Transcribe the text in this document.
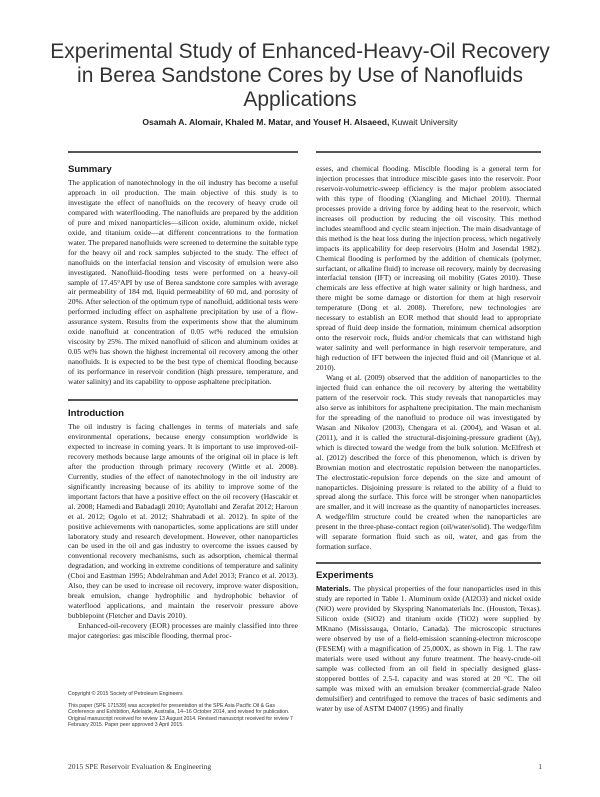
Experimental Study of Enhanced-Heavy-Oil Recovery in Berea Sandstone Cores by Use of Nanofluids Applications
Osamah A. Alomair, Khaled M. Matar, and Yousef H. Alsaeed, Kuwait University
Summary

The application of nanotechnology in the oil industry has become a useful approach in oil production. The main objective of this study is to investigate the effect of nanofluids on the recovery of heavy crude oil compared with waterflooding. The nanofluids are prepared by the addition of pure and mixed nanoparticles—silicon oxide, aluminum oxide, nickel oxide, and titanium oxide—at different concentrations to the formation water. The prepared nanofluids were screened to determine the suitable type for the heavy oil and rock samples subjected to the study. The effect of nanofluids on the interfacial tension and viscosity of emulsion were also investigated. Nanofluid-flooding tests were performed on a heavy-oil sample of 17.45°API by use of Berea sandstone core samples with average air permeability of 184 md, liquid permeability of 60 md, and porosity of 20%. After selection of the optimum type of nanofluid, additional tests were performed including effect on asphaltene precipitation by use of a flow-assurance system. Results from the experiments show that the aluminum oxide nanofluid at concentration of 0.05 wt% reduced the emulsion viscosity by 25%. The mixed nanofluid of silicon and aluminum oxides at 0.05 wt% has shown the highest incremental oil recovery among the other nanofluids. It is expected to be the best type of chemical flooding because of its performance in reservoir condition (high pressure, temperature, and water salinity) and its capability to oppose asphaltene precipitation.

Introduction

The oil industry is facing challenges in terms of materials and safe environmental operations, because energy consumption worldwide is expected to increase in coming years. It is important to use improved-oil-recovery methods because large amounts of the original oil in place is left after the production through primary recovery (Wittle et al. 2008). Currently, studies of the effect of nanotechnology in the oil industry are significantly increasing because of its ability to improve some of the important factors that have a positive effect on the oil recovery (Hascakir et al. 2008; Hamedi and Babadagli 2010; Ayatollahi and Zerafat 2012; Haroun et al. 2012; Ogolo et al. 2012; Shahrabadi et al. 2012). In spite of the positive achievements with nanoparticles, some applications are still under laboratory study and research development. However, other nanoparticles can be used in the oil and gas industry to overcome the issues caused by conventional recovery mechanisms, such as adsorption, chemical thermal degradation, and working in extreme conditions of temperature and salinity (Choi and Eastman 1995; Abdelrahman and Adel 2013; Franco et al. 2013). Also, they can be used to increase oil recovery, improve water disposition, break emulsion, change hydrophilic and hydrophobic behavior of waterflood applications, and maintain the reservoir pressure above bubblepoint (Fletcher and Davis 2010).

Enhanced-oil-recovery (EOR) processes are mainly classified into three major categories: gas miscible flooding, thermal proc-

Copyright © 2015 Society of Petroleum Engineers

This paper (SPE 171539) was accepted for presentation at the SPE Asia Pacific Oil & Gas Conference and Exhibition, Adelaide, Australia, 14–16 October 2014, and revised for publication. Original manuscript received for review 13 August 2014. Revised manuscript received for review 7 February 2015. Paper peer approved 3 April 2015.

esses, and chemical flooding. Miscible flooding is a general term for injection processes that introduce miscible gases into the reservoir. Poor reservoir-volumetric-sweep efficiency is the major problem associated with this type of flooding (Xiangling and Michael 2010). Thermal processes provide a driving force by adding heat to the reservoir, which increases oil production by reducing the oil viscosity. This method includes steamflood and cyclic steam injection. The main disadvantage of this method is the heat loss during the injection process, which negatively impacts its applicability for deep reservoirs (Holm and Josendal 1982). Chemical flooding is performed by the addition of chemicals (polymer, surfactant, or alkaline fluid) to increase oil recovery, mainly by decreasing interfacial tension (IFT) or increasing oil mobility (Gates 2010). These chemicals are less effective at high water salinity or high hardness, and there might be some damage or distortion for them at high reservoir temperature (Dong et al. 2008). Therefore, new technologies are necessary to establish an EOR method that should lead to appropriate spread of fluid deep inside the formation, minimum chemical adsorption onto the reservoir rock, fluids and/or chemicals that can withstand high water salinity and well performance in high reservoir temperature, and high reduction of IFT between the injected fluid and oil (Manrique et al. 2010).

Wang et al. (2009) observed that the addition of nanoparticles to the injected fluid can enhance the oil recovery by altering the wettability pattern of the reservoir rock. This study reveals that nanoparticles may also serve as inhibitors for asphaltene precipitation. The main mechanism for the spreading of the nanofluid to produce oil was investigated by Wasan and Nikolov (2003), Chengara et al. (2004), and Wasan et al. (2011), and it is called the structural-disjoining-pressure gradient (Δγ), which is directed toward the wedge from the bulk solution. McElfresh et al. (2012) described the force of this phenomenon, which is driven by Brownian motion and electrostatic repulsion between the nanoparticles. The electrostatic-repulsion force depends on the size and amount of nanoparticles. Disjoining pressure is related to the ability of a fluid to spread along the surface. This force will be stronger when nanoparticles are smaller, and it will increase as the quantity of nanoparticles increases. A wedge/film structure could be created when the nanoparticles are present in the three-phase-contact region (oil/water/solid). The wedge/film will separate formation fluid such as oil, water, and gas from the formation surface.

Experiments

Materials. The physical properties of the four nanoparticles used in this study are reported in Table 1. Aluminum oxide (Al2O3) and nickel oxide (NiO) were provided by Skyspring Nanomaterials Inc. (Houston, Texas). Silicon oxide (SiO2) and titanium oxide (TiO2) were supplied by MKnano (Mississauga, Ontario, Canada). The microscopic structures were observed by use of a field-emission scanning-electron microscope (FESEM) with a magnification of 25,000X, as shown in Fig. 1. The raw materials were used without any future treatment. The heavy-crude-oil sample was collected from an oil field in specially designed glass-stoppered bottles of 2.5-L capacity and was stored at 20 °C. The oil sample was mixed with an emulsion breaker (commercial-grade Naleo demulsifier) and centrifuged to remove the traces of basic sediments and water by use of ASTM D4007 (1995) and finally

2015 SPE Reservoir Evaluation & Engineering	1
